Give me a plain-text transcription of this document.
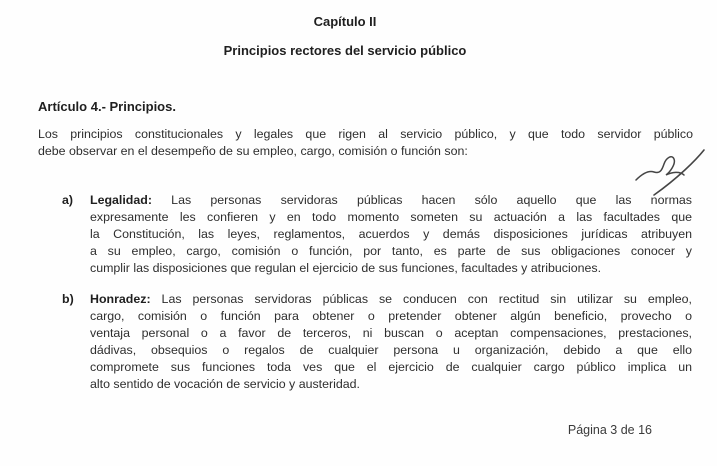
Capítulo II
Principios rectores del servicio público
Artículo 4.- Principios.
Los principios constitucionales y legales que rigen al servicio público, y que todo servidor público
debe observar en el desempeño de su empleo, cargo, comisión o función son:
a)	Legalidad: Las personas servidoras públicas hacen sólo aquello que las normas
expresamente les confieren y en todo momento someten su actuación a las facultades que
la Constitución, las leyes, reglamentos, acuerdos y demás disposiciones jurídicas atribuyen
a su empleo, cargo, comisión o función, por tanto, es parte de sus obligaciones conocer y
cumplir las disposiciones que regulan el ejercicio de sus funciones, facultades y atribuciones.
b)	Honradez: Las personas servidoras públicas se conducen con rectitud sin utilizar su empleo,
cargo, comisión o función para obtener o pretender obtener algún beneficio, provecho o
ventaja personal o a favor de terceros, ni buscan o aceptan compensaciones, prestaciones,
dádivas, obsequios o regalos de cualquier persona u organización, debido a que ello
compromete sus funciones toda ves que el ejercicio de cualquier cargo público implica un
alto sentido de vocación de servicio y austeridad.
Página 3 de 16
